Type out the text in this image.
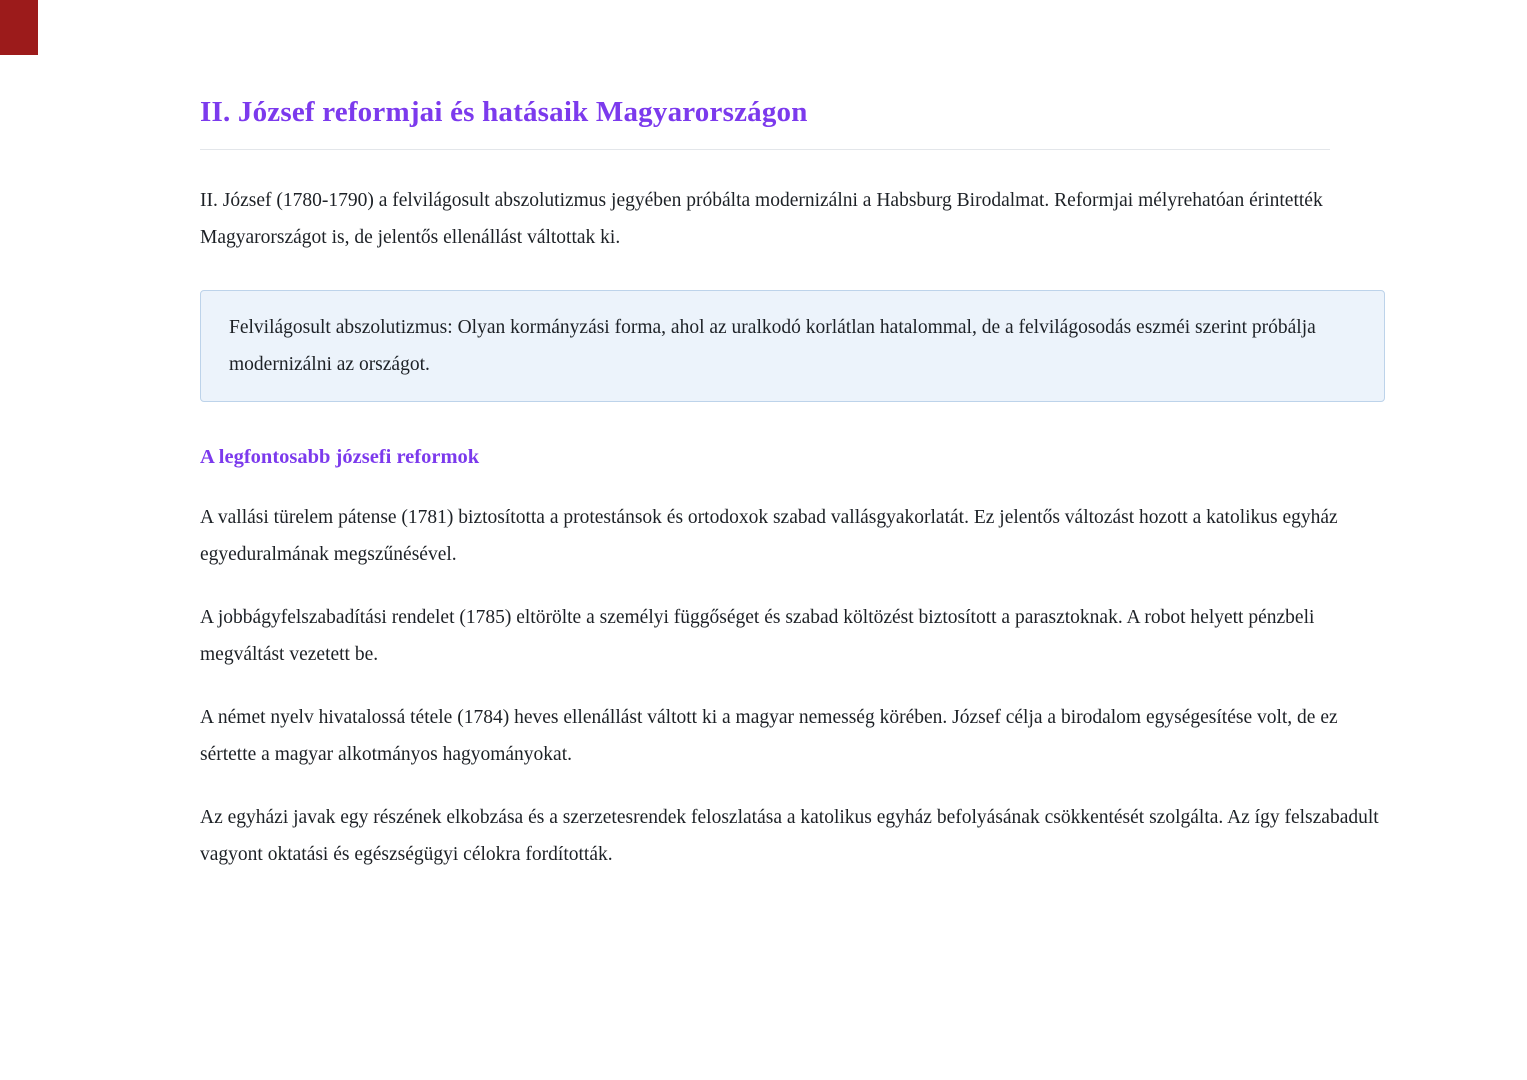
II. József reformjai és hatásaik Magyarországon

II. József (1780-1790) a felvilágosult abszolutizmus jegyében próbálta modernizálni a Habsburg Birodalmat. Reformjai mélyrehatóan érintették Magyarországot is, de jelentős ellenállást váltottak ki.

Felvilágosult abszolutizmus: Olyan kormányzási forma, ahol az uralkodó korlátlan hatalommal, de a felvilágosodás eszméi szerint próbálja modernizálni az országot.

A legfontosabb józsefi reformok

A vallási türelem pátense (1781) biztosította a protestánsok és ortodoxok szabad vallásgyakorlatát. Ez jelentős változást hozott a katolikus egyház egyeduralmának megszűnésével.

A jobbágyfelszabadítási rendelet (1785) eltörölte a személyi függőséget és szabad költözést biztosított a parasztoknak. A robot helyett pénzbeli megváltást vezetett be.

A német nyelv hivatalossá tétele (1784) heves ellenállást váltott ki a magyar nemesség körében. József célja a birodalom egységesítése volt, de ez sértette a magyar alkotmányos hagyományokat.

Az egyházi javak egy részének elkobzása és a szerzetesrendek feloszlatása a katolikus egyház befolyásának csökkentését szolgálta. Az így felszabadult vagyont oktatási és egészségügyi célokra fordították.
